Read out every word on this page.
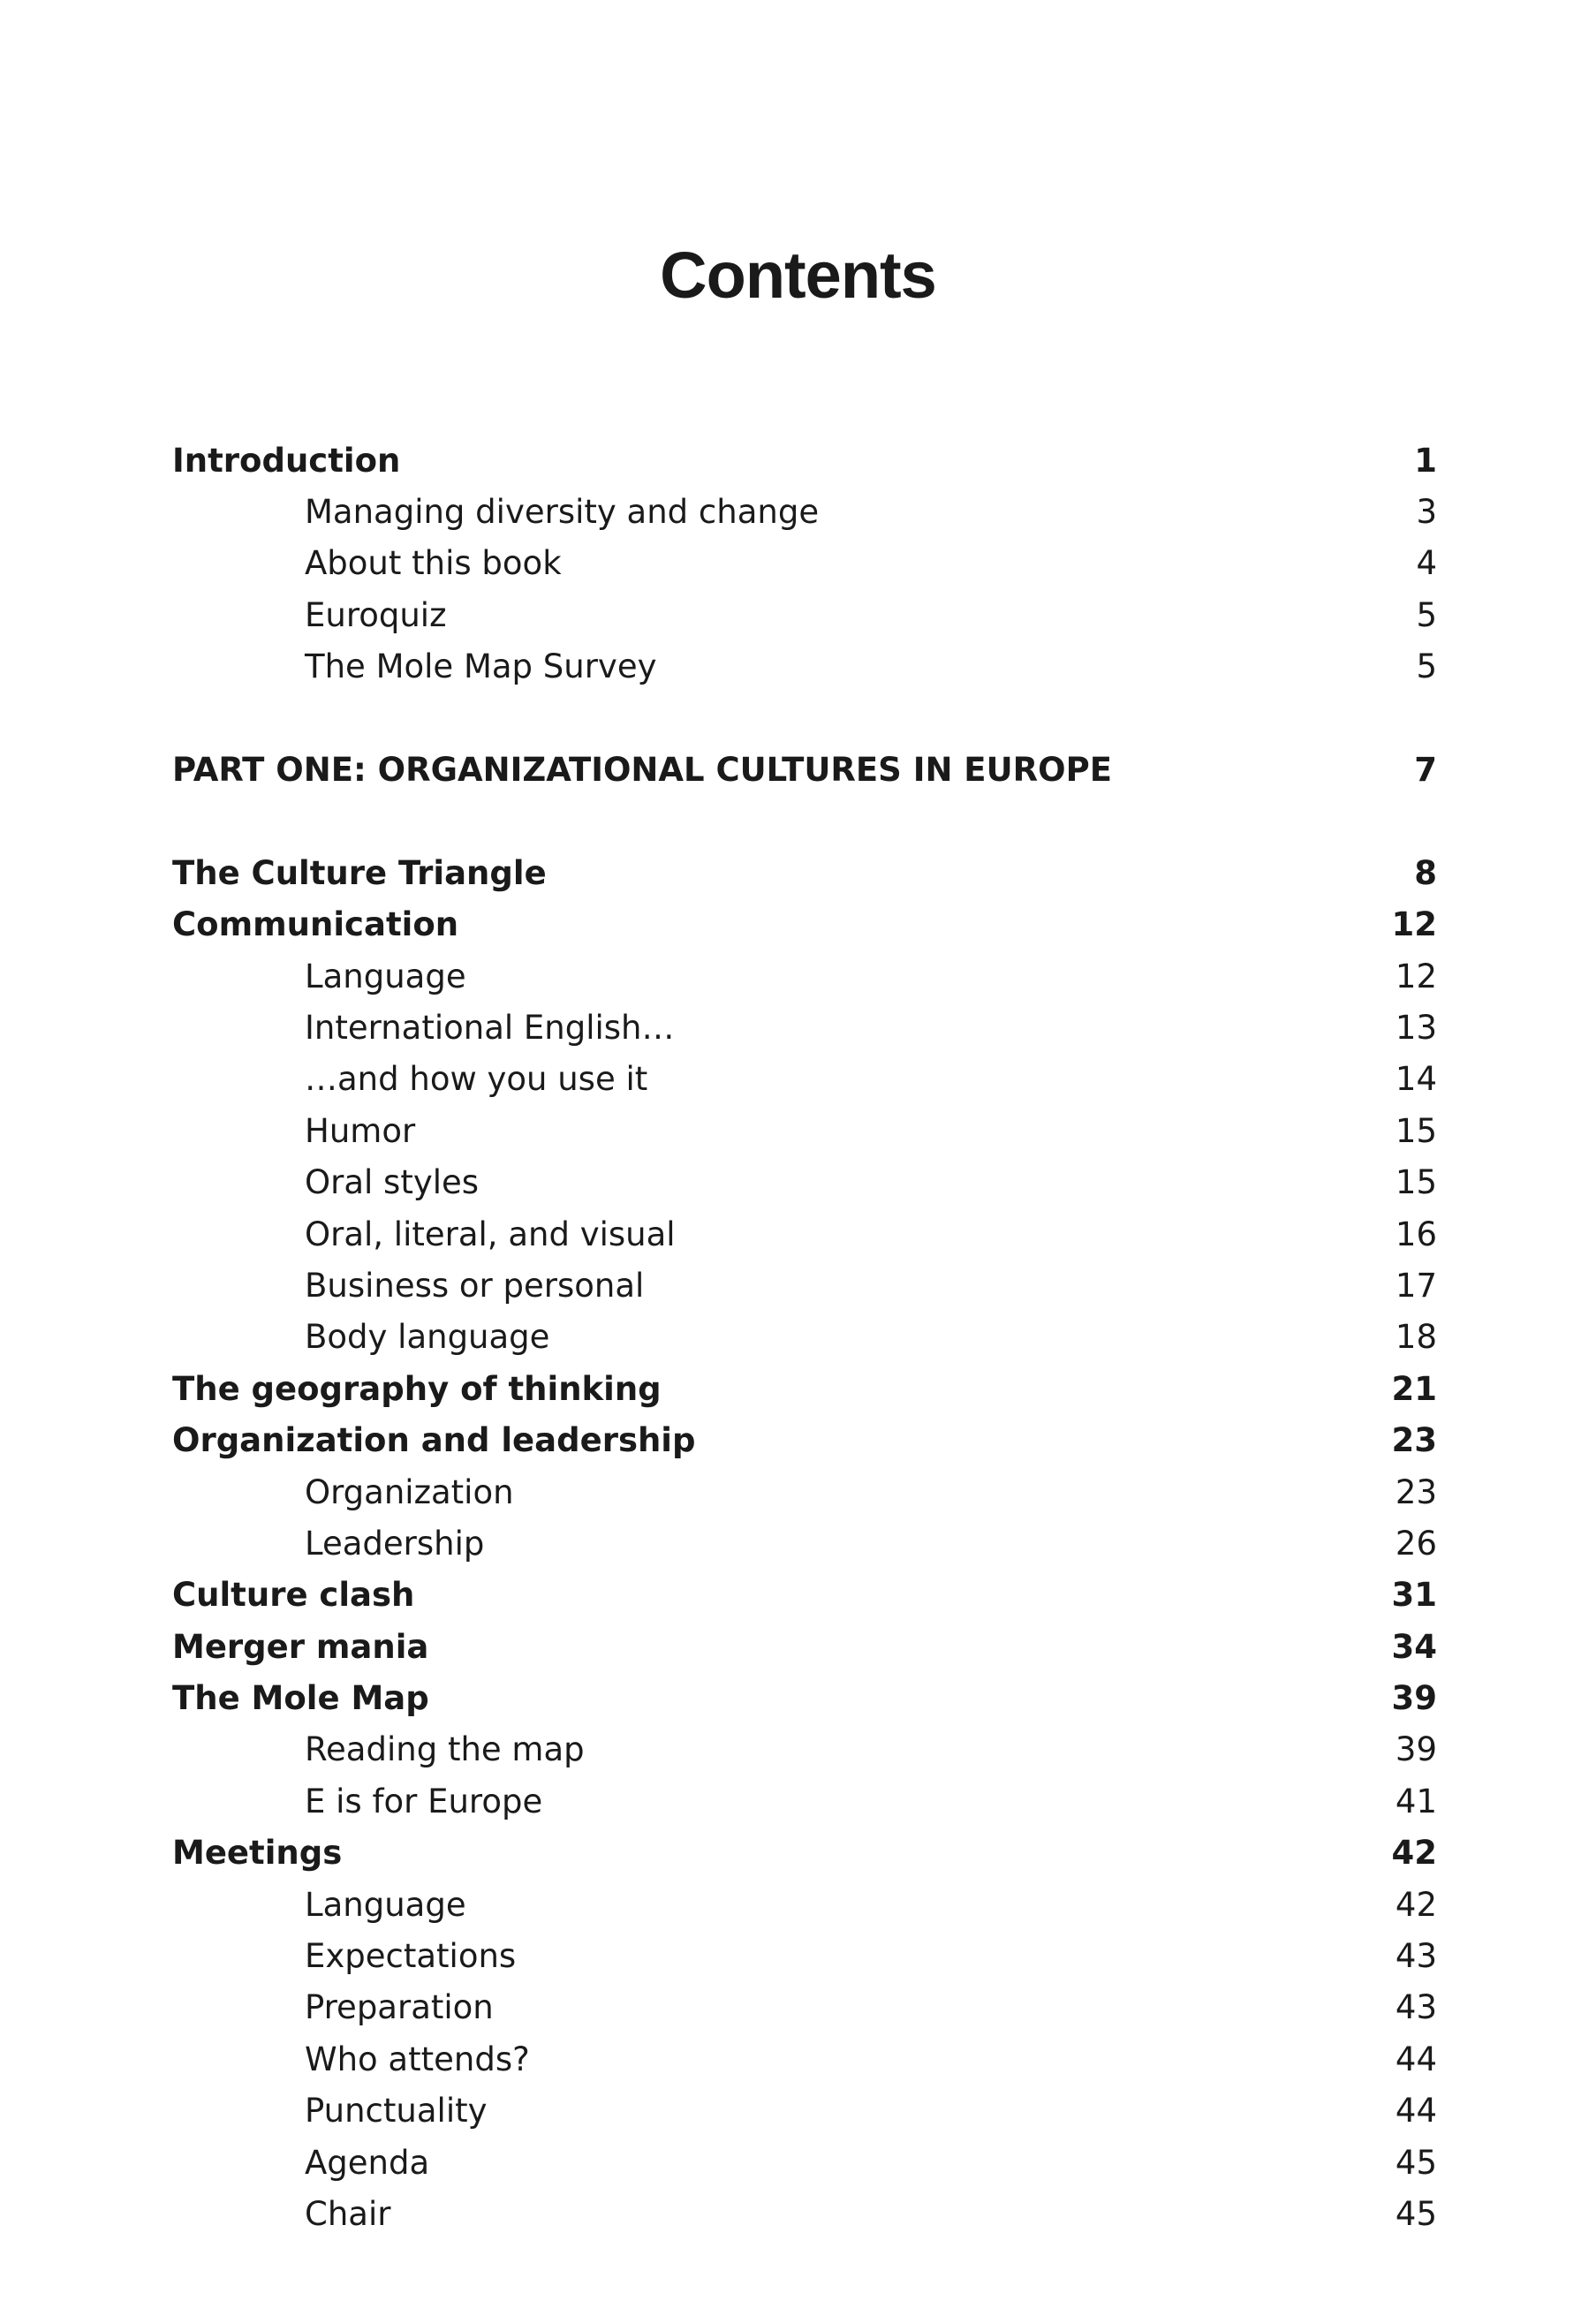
Contents
Introduction	1
Managing diversity and change	3
About this book	4
Euroquiz	5
The Mole Map Survey	5
PART ONE: ORGANIZATIONAL CULTURES IN EUROPE	7
The Culture Triangle	8
Communication	12
Language	12
International English…	13
…and how you use it	14
Humor	15
Oral styles	15
Oral, literal, and visual	16
Business or personal	17
Body language	18
The geography of thinking	21
Organization and leadership	23
Organization	23
Leadership	26
Culture clash	31
Merger mania	34
The Mole Map	39
Reading the map	39
E is for Europe	41
Meetings	42
Language	42
Expectations	43
Preparation	43
Who attends?	44
Punctuality	44
Agenda	45
Chair	45
